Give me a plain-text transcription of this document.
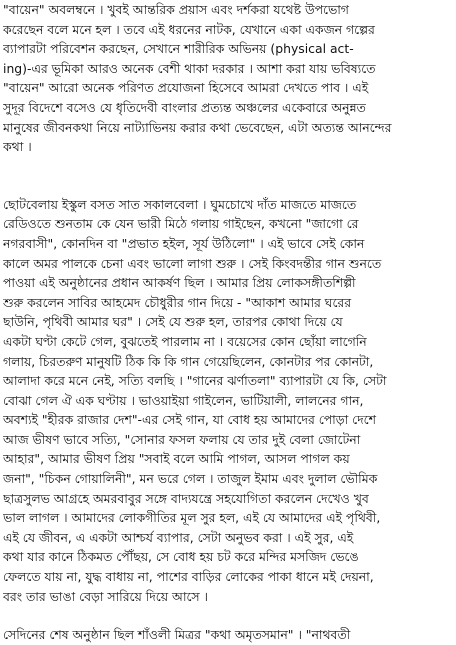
"বায়েন" অবলম্বনে । খুবই আন্তরিক প্রয়াস এবং দর্শকরা যথেষ্ট উপভোগ
করেছেন বলে মনে হল । তবে এই ধরনের নাটক, যেখানে একা একজন গল্পের
ব্যাপারটা পরিবেশন করছেন, সেখানে শারীরিক অভিনয় (physical act-
ing)-এর ভূমিকা আরও অনেক বেশী থাকা দরকার । আশা করা যায় ভবিষ্যতে
"বায়েন" আরো অনেক পরিণত প্রযোজনা হিসেবে আমরা দেখতে পাব । এই
সুদূর বিদেশে বসেও যে ধৃতিদেবী বাংলার প্রত্যন্ত অঞ্চলের একেবারে অনুন্নত
মানুষের জীবনকথা নিয়ে নাট্যাভিনয় করার কথা ভেবেছেন, এটা অত্যন্ত আনন্দের
কথা ।
ছোটবেলায় ইস্কুল বসত সাত সকালবেলা । ঘুমচোখে দাঁত মাজতে মাজতে
রেডিওতে শুনতাম কে যেন ভারী মিঠে গলায় গাইছেন, কখনো "জাগো রে
নগরবাসী", কোনদিন বা "প্রভাত হইল, সূর্য উঠিলো" । এই ভাবে সেই কোন
কালে অমর পালকে চেনা এবং ভালো লাগা শুরু । সেই কিংবদন্তীর গান শুনতে
পাওয়া এই অনুষ্ঠানের প্রধান আকর্ষণ ছিল । আমার প্রিয় লোকসঙ্গীতশিল্পী
শুরু করলেন সাবির আহমেদ চৌধুরীর গান দিয়ে - "আকাশ আমার ঘরের
ছাউনি, পৃথিবী আমার ঘর" । সেই যে শুরু হল, তারপর কোথা দিয়ে যে
একটা ঘণ্টা কেটে গেল, বুঝতেই পারলাম না । বয়েসের কোন ছোঁয়া লাগেনি
গলায়, চিরতরুণ মানুষটি ঠিক কি কি গান গেয়েছিলেন, কোনটার পর কোনটা,
আলাদা করে মনে নেই, সত্যি বলছি । "গানের ঝর্ণাতলা" ব্যাপারটা যে কি, সেটা
বোঝা গেল ঐ এক ঘণ্টায় । ভাওয়াইয়া গাইলেন, ভাটিয়ালী, লালনের গান,
অবশ্যই "হীরক রাজার দেশ"-এর সেই গান, যা বোধ হয় আমাদের পোড়া দেশে
আজ ভীষণ ভাবে সত্যি, "সোনার ফসল ফলায় যে তার দুই বেলা জোটেনা
আহার", আমার ভীষণ প্রিয় "সবাই বলে আমি পাগল, আসল পাগল কয়
জনা", "চিকন গোয়ালিনী", মন ভরে গেল । তাজুল ইমাম এবং দুলাল ভৌমিক
ছাত্রসুলভ আগ্রহে অমরবাবুর সঙ্গে বাদ্যযন্ত্রে সহযোগিতা করলেন দেখেও খুব
ভাল লাগল । আমাদের লোকগীতির মূল সুর হল, এই যে আমাদের এই পৃথিবী,
এই যে জীবন, এ একটা আশ্চর্য ব্যাপার, সেটা অনুভব করা । এই সুর, এই
কথা যার কানে ঠিকমত পৌঁছয়, সে বোধ হয় চট করে মন্দির মসজিদ ভেঙে
ফেলতে যায় না, যুদ্ধ বাধায় না, পাশের বাড়ির লোকের পাকা ধানে মই দেয়না,
বরং তার ভাঙা বেড়া সারিয়ে দিয়ে আসে ।
সেদিনের শেষ অনুষ্ঠান ছিল শাঁওলী মিত্রর "কথা অমৃতসমান" । "নাথবতী
